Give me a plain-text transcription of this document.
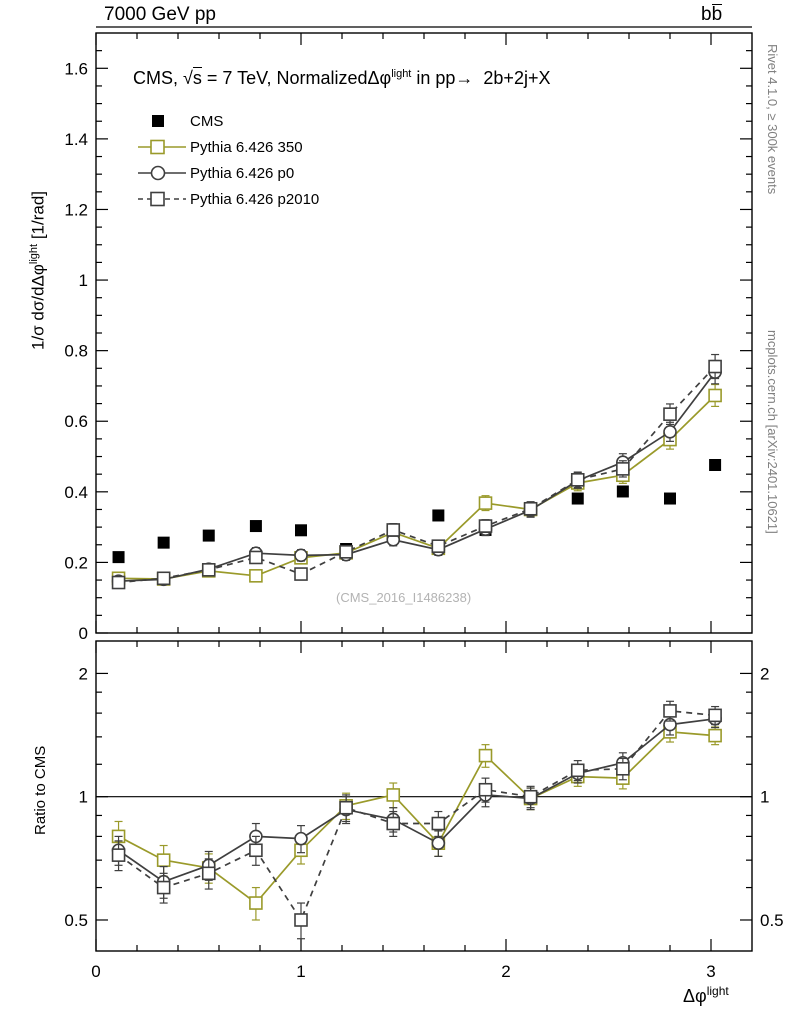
7000 GeV pp	bb
Rivet 4.1.0, ≥ 300k events
mcplots.cern.ch [arXiv:2401.10621]
1/σ dσ/dΔφ$^{light}$ [1/rad]
Ratio to CMS
$\Delta\varphi^{light}$
0
0.2
0.4
0.6
0.8
1
1.2
1.4
1.6
0.5	0.5
1	1
2	2
0	1	2	3
CMS, √s = 7 TeV, NormalizedΔφ$^{light}$ in pp→  2b+2j+X
CMS
Pythia 6.426 350
Pythia 6.426 p0
Pythia 6.426 p2010
(CMS_2016_I1486238)
